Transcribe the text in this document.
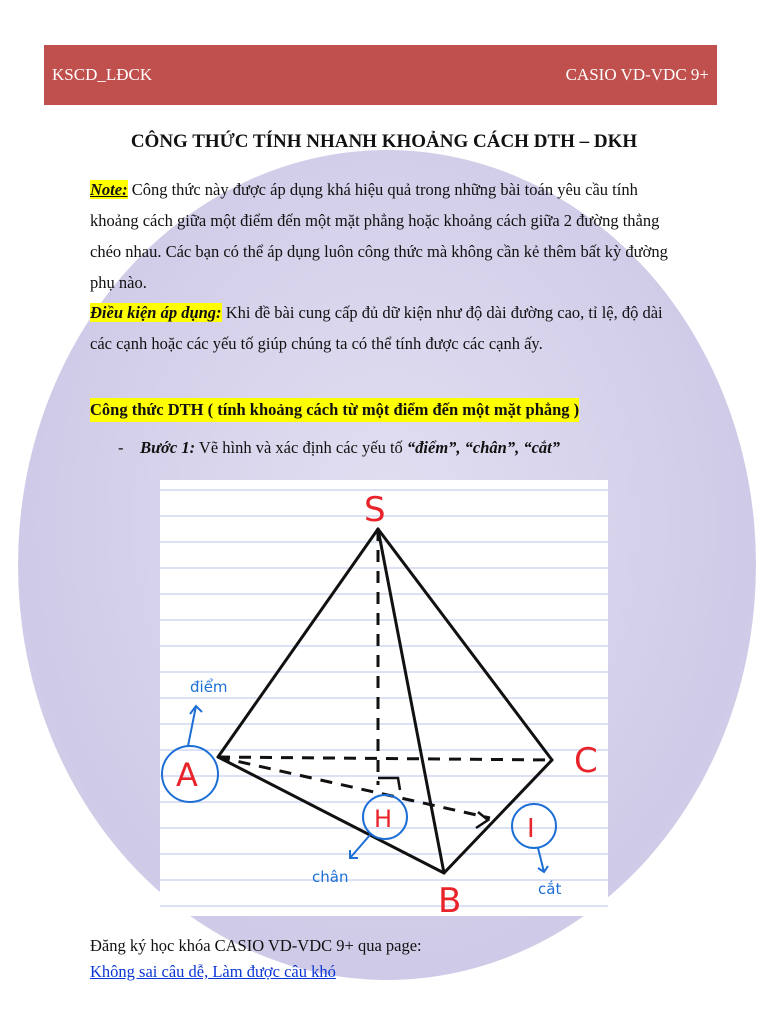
KSCD_LĐCK	CASIO VD-VDC 9+
CÔNG THỨC TÍNH NHANH KHOẢNG CÁCH DTH – DKH

Note: Công thức này được áp dụng khá hiệu quả trong những bài toán yêu cầu tính khoảng cách giữa một điểm đến một mặt phẳng hoặc khoảng cách giữa 2 đường thẳng chéo nhau. Các bạn có thể áp dụng luôn công thức mà không cần kẻ thêm bất kỳ đường phụ nào.

Điều kiện áp dụng: Khi đề bài cung cấp đủ dữ kiện như độ dài đường cao, tỉ lệ, độ dài các cạnh hoặc các yếu tố giúp chúng ta có thể tính được các cạnh ấy.

Công thức DTH ( tính khoảng cách từ một điểm đến một mặt phẳng )

- Bước 1: Vẽ hình và xác định các yếu tố “điểm”, “chân”, “cắt”

S
C
B
A
H	I
điểm
chân
cắt

Đăng ký học khóa CASIO VD-VDC 9+ qua page:

Không sai câu dễ, Làm được câu khó
